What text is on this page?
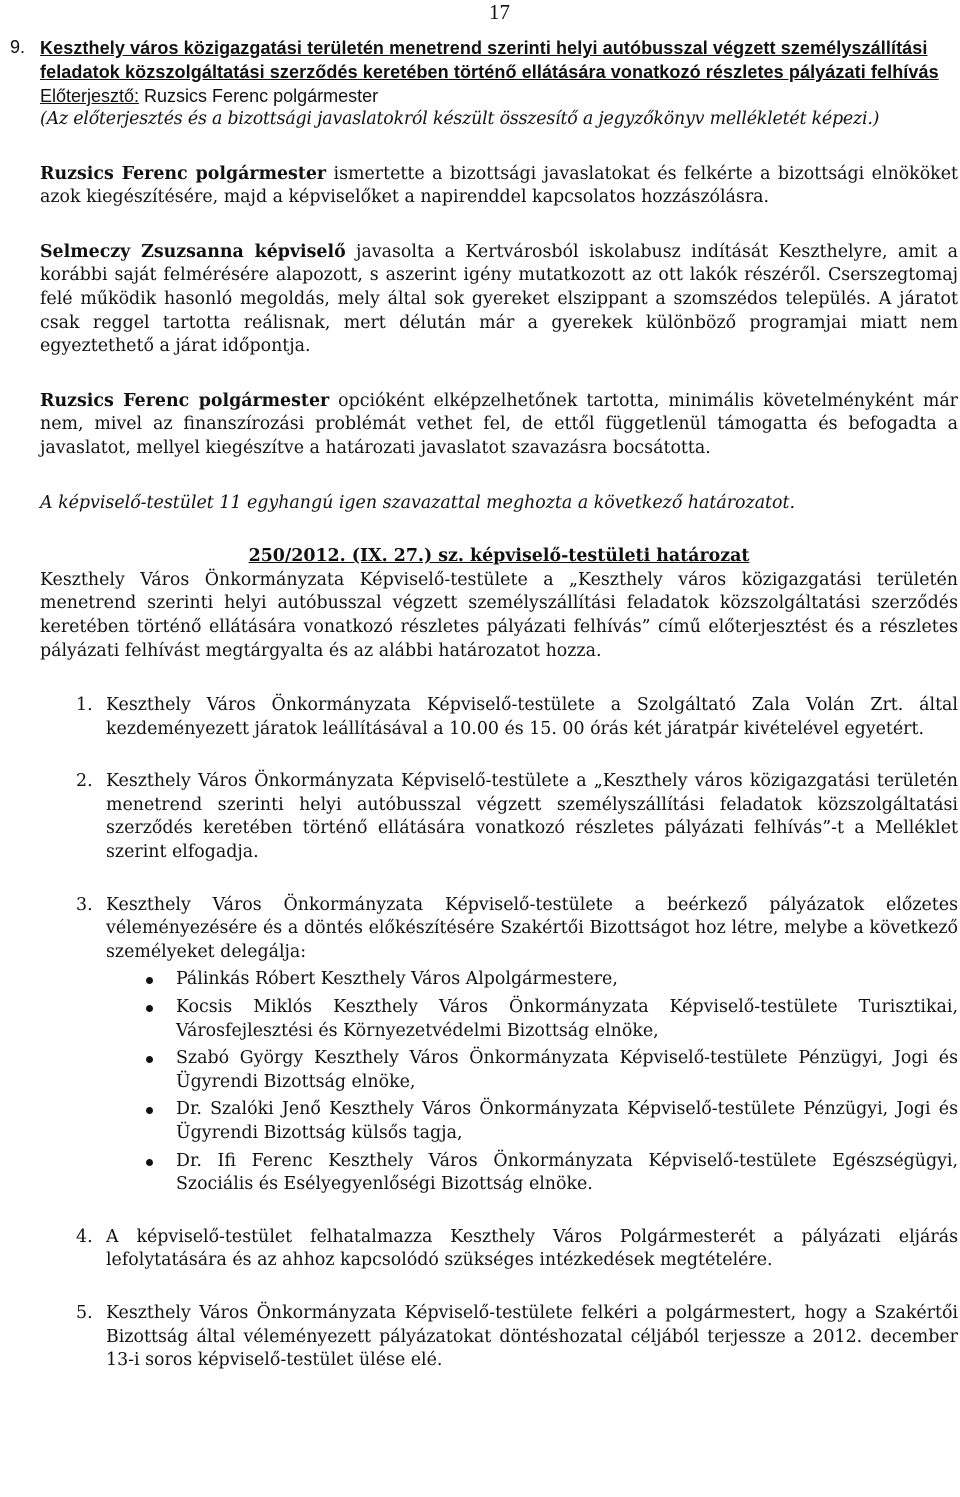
17
9. Keszthely város közigazgatási területén menetrend szerinti helyi autóbusszal végzett személyszállítási feladatok közszolgáltatási szerződés keretében történő ellátására vonatkozó részletes pályázati felhívás
Előterjesztő: Ruzsics Ferenc polgármester
(Az előterjesztés és a bizottsági javaslatokról készült összesítő a jegyzőkönyv mellékletét képezi.)

Ruzsics Ferenc polgármester ismertette a bizottsági javaslatokat és felkérte a bizottsági elnököket azok kiegészítésére, majd a képviselőket a napirenddel kapcsolatos hozzászólásra.

Selmeczy Zsuzsanna képviselő javasolta a Kertvárosból iskolabusz indítását Keszthelyre, amit a korábbi saját felmérésére alapozott, s aszerint igény mutatkozott az ott lakók részéről. Cserszegtomaj felé működik hasonló megoldás, mely által sok gyereket elszippant a szomszédos település. A járatot csak reggel tartotta reálisnak, mert délután már a gyerekek különböző programjai miatt nem egyeztethető a járat időpontja.

Ruzsics Ferenc polgármester opcióként elképzelhetőnek tartotta, minimális követelményként már nem, mivel az finanszírozási problémát vethet fel, de ettől függetlenül támogatta és befogadta a javaslatot, mellyel kiegészítve a határozati javaslatot szavazásra bocsátotta.

A képviselő-testület 11 egyhangú igen szavazattal meghozta a következő határozatot.

250/2012. (IX. 27.) sz. képviselő-testületi határozat

Keszthely Város Önkormányzata Képviselő-testülete a „Keszthely város közigazgatási területén menetrend szerinti helyi autóbusszal végzett személyszállítási feladatok közszolgáltatási szerződés keretében történő ellátására vonatkozó részletes pályázati felhívás” című előterjesztést és a részletes pályázati felhívást megtárgyalta és az alábbi határozatot hozza.

1. Keszthely Város Önkormányzata Képviselő-testülete a Szolgáltató Zala Volán Zrt. által kezdeményezett járatok leállításával a 10.00 és 15. 00 órás két járatpár kivételével egyetért.

2. Keszthely Város Önkormányzata Képviselő-testülete a „Keszthely város közigazgatási területén menetrend szerinti helyi autóbusszal végzett személyszállítási feladatok közszolgáltatási szerződés keretében történő ellátására vonatkozó részletes pályázati felhívás”-t a Melléklet szerint elfogadja.

3. Keszthely Város Önkormányzata Képviselő-testülete a beérkező pályázatok előzetes véleményezésére és a döntés előkészítésére Szakértői Bizottságot hoz létre, melybe a következő személyeket delegálja:

Pálinkás Róbert Keszthely Város Alpolgármestere,

Kocsis Miklós Keszthely Város Önkormányzata Képviselő-testülete Turisztikai, Városfejlesztési és Környezetvédelmi Bizottság elnöke,

Szabó György Keszthely Város Önkormányzata Képviselő-testülete Pénzügyi, Jogi és Ügyrendi Bizottság elnöke,

Dr. Szalóki Jenő Keszthely Város Önkormányzata Képviselő-testülete Pénzügyi, Jogi és Ügyrendi Bizottság külsős tagja,

Dr. Ifi Ferenc Keszthely Város Önkormányzata Képviselő-testülete Egészségügyi, Szociális és Esélyegyenlőségi Bizottság elnöke.

4. A képviselő-testület felhatalmazza Keszthely Város Polgármesterét a pályázati eljárás lefolytatására és az ahhoz kapcsolódó szükséges intézkedések megtételére.

5. Keszthely Város Önkormányzata Képviselő-testülete felkéri a polgármestert, hogy a Szakértői Bizottság által véleményezett pályázatokat döntéshozatal céljából terjessze a 2012. december 13-i soros képviselő-testület ülése elé.
